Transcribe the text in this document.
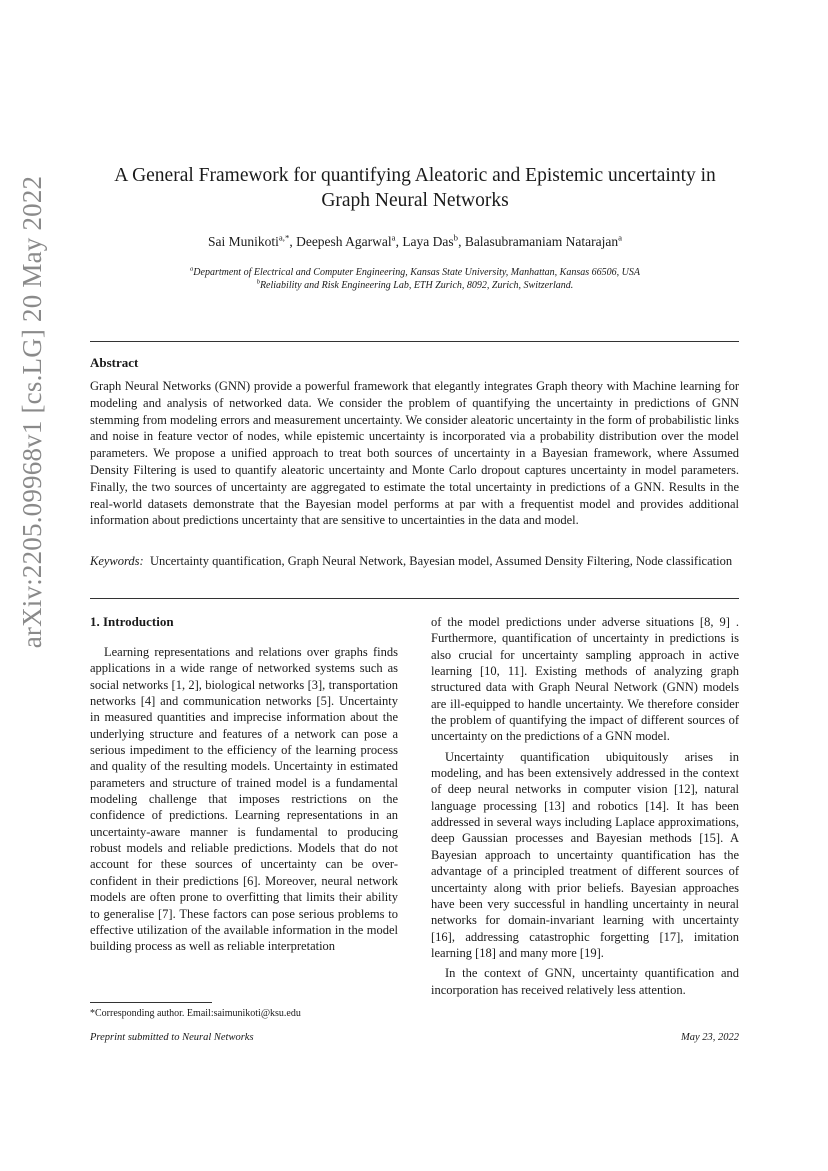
arXiv:2205.09968v1 [cs.LG] 20 May 2022
A General Framework for quantifying Aleatoric and Epistemic uncertainty in Graph Neural Networks
Sai Munikoti$^{a,*}$, Deepesh Agarwal$^a$, Laya Das$^b$, Balasubramaniam Natarajan$^a$
$^a$Department of Electrical and Computer Engineering, Kansas State University, Manhattan, Kansas 66506, USA
$^b$Reliability and Risk Engineering Lab, ETH Zurich, 8092, Zurich, Switzerland.
Abstract
Graph Neural Networks (GNN) provide a powerful framework that elegantly integrates Graph theory with Machine learning for modeling and analysis of networked data. We consider the problem of quantifying the uncertainty in predictions of GNN stemming from modeling errors and measurement uncertainty. We consider aleatoric uncertainty in the form of probabilistic links and noise in feature vector of nodes, while epistemic uncertainty is incorporated via a probability distribution over the model parameters. We propose a unified approach to treat both sources of uncertainty in a Bayesian framework, where Assumed Density Filtering is used to quantify aleatoric uncertainty and Monte Carlo dropout captures uncertainty in model parameters. Finally, the two sources of uncertainty are aggregated to estimate the total uncertainty in predictions of a GNN. Results in the real-world datasets demonstrate that the Bayesian model performs at par with a frequentist model and provides additional information about predictions uncertainty that are sensitive to uncertainties in the data and model.
Keywords: Uncertainty quantification, Graph Neural Network, Bayesian model, Assumed Density Filtering, Node classification
1. Introduction

Learning representations and relations over graphs finds applications in a wide range of networked systems such as social networks [1, 2], biological networks [3], transportation networks [4] and communication networks [5]. Uncertainty in measured quantities and imprecise information about the underlying structure and features of a network can pose a serious impediment to the efficiency of the learning process and quality of the resulting models. Uncertainty in estimated parameters and structure of trained model is a fundamental modeling challenge that imposes restrictions on the confidence of predictions. Learning representations in an uncertainty-aware manner is fundamental to producing robust models and reliable predictions. Models that do not account for these sources of uncertainty can be over-confident in their predictions [6]. Moreover, neural network models are often prone to overfitting that limits their ability to generalise [7]. These factors can pose serious problems to effective utilization of the available information in the model building process as well as reliable interpretation

of the model predictions under adverse situations [8, 9] . Furthermore, quantification of uncertainty in predictions is also crucial for uncertainty sampling approach in active learning [10, 11]. Existing methods of analyzing graph structured data with Graph Neural Network (GNN) models are ill-equipped to handle uncertainty. We therefore consider the problem of quantifying the impact of different sources of uncertainty on the predictions of a GNN model.

Uncertainty quantification ubiquitously arises in modeling, and has been extensively addressed in the context of deep neural networks in computer vision [12], natural language processing [13] and robotics [14]. It has been addressed in several ways including Laplace approximations, deep Gaussian processes and Bayesian methods [15]. A Bayesian approach to uncertainty quantification has the advantage of a principled treatment of different sources of uncertainty along with prior beliefs. Bayesian approaches have been very successful in handling uncertainty in neural networks for domain-invariant learning with uncertainty [16], addressing catastrophic forgetting [17], imitation learning [18] and many more [19].

In the context of GNN, uncertainty quantification and incorporation has received relatively less attention.

*Corresponding author. Email:saimunikoti@ksu.edu
Preprint submitted to Neural Networks	May 23, 2022
